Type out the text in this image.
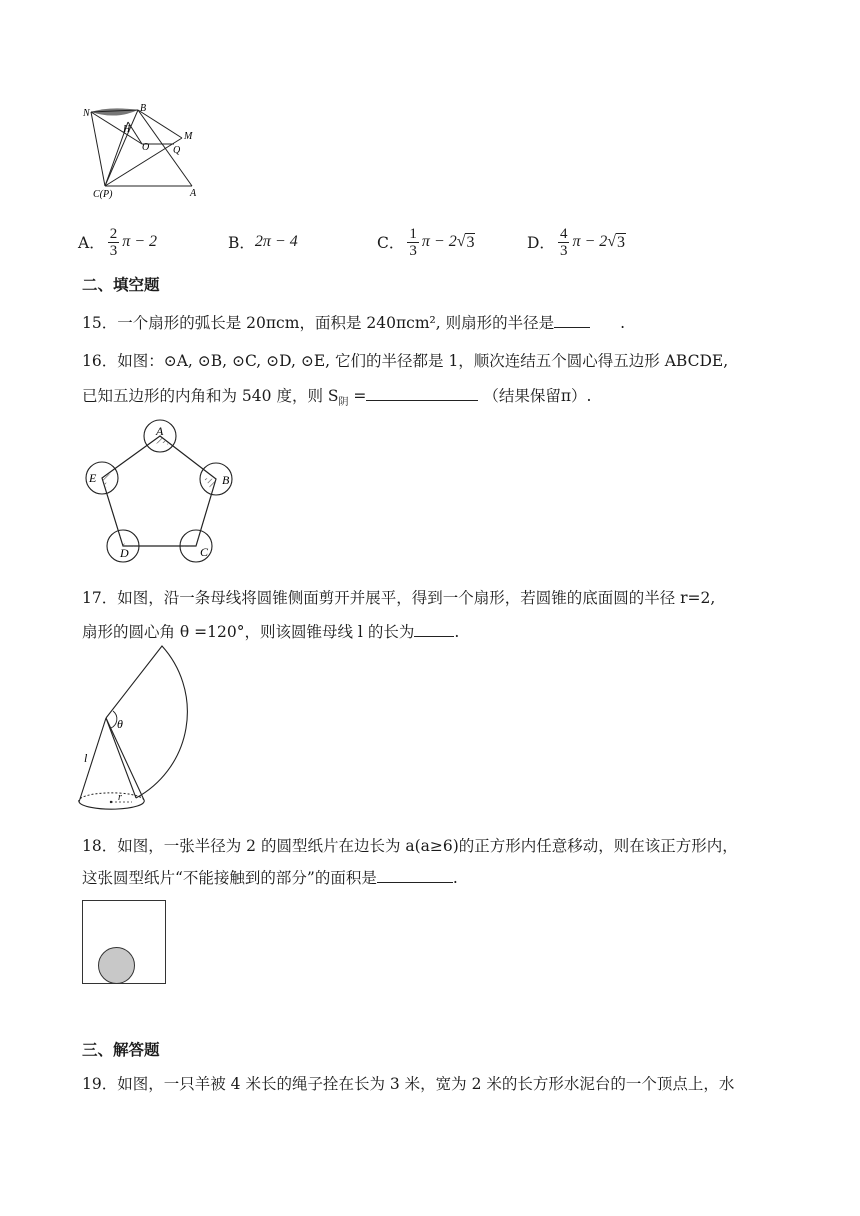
N	B
H
O
M
Q
C(P)	A
A． $\frac{2}{3}$ π − 2	B． 2π − 4	C． $\frac{1}{3}$ π − 2 √ 3	D． $\frac{4}{3}$ π − 2 √ 3
二、填空题
15．一个扇形的弧长是 20πcm，面积是 240πcm², 则扇形的半径是	.
16．如图：⊙A, ⊙B, ⊙C, ⊙D, ⊙E, 它们的半径都是 1，顺次连结五个圆心得五边形 ABCDE,
已知五边形的内角和为 540 度，则 $S_阴$ =	（结果保留π）.
A
B
C
D
E
17．如图，沿一条母线将圆锥侧面剪开并展平，得到一个扇形，若圆锥的底面圆的半径 r=2,
扇形的圆心角 θ =120°，则该圆锥母线 l 的长为	.
θ
l
r
18．如图，一张半径为 2 的圆型纸片在边长为 a(a≥6)的正方形内任意移动，则在该正方形内，
这张圆型纸片“不能接触到的部分”的面积是	.
三、解答题
19．如图，一只羊被 4 米长的绳子拴在长为 3 米，宽为 2 米的长方形水泥台的一个顶点上，水
